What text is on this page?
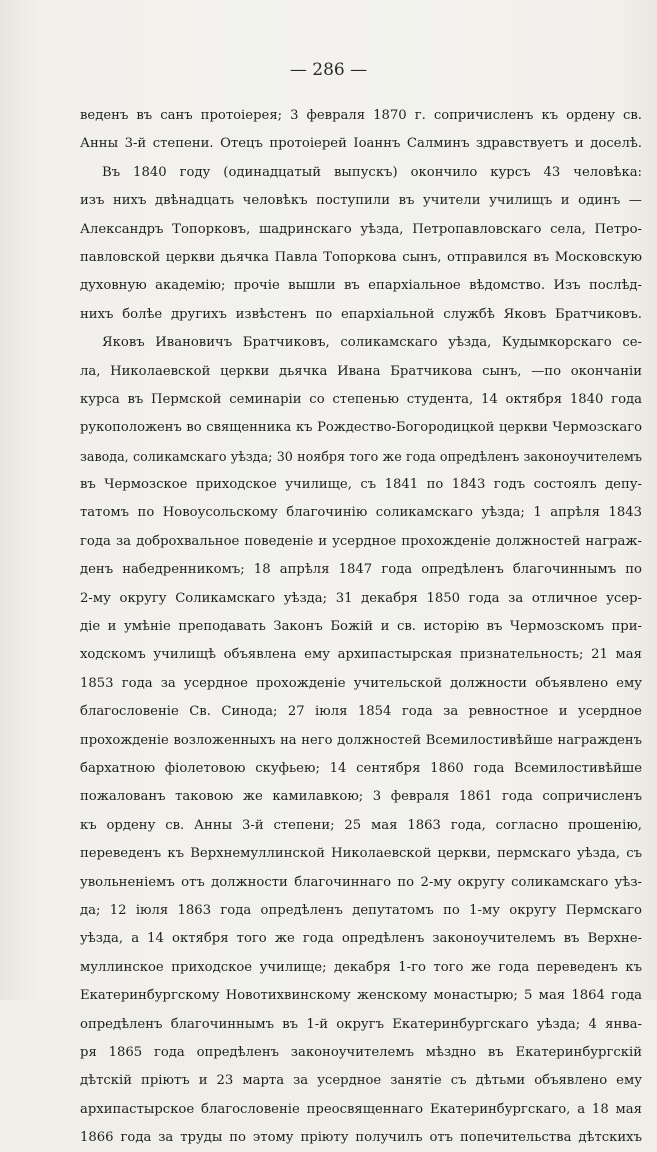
— 286 —
веденъ въ санъ протоіерея; 3 февраля 1870 г. сопричисленъ къ ордену св.
Анны 3-й степени. Отецъ протоіерей Іоаннъ Салминъ здравствуетъ и доселѣ.
Въ 1840 году (одинадцатый выпускъ) окончило курсъ 43 человѣка:
изъ нихъ двѣнадцать человѣкъ поступили въ учители училищъ и одинъ —
Александръ Топорковъ, шадринскаго уѣзда, Петропавловскаго села, Петро-
павловской церкви дьячка Павла Топоркова сынъ, отправился въ Московскую
духовную академію; прочіе вышли въ епархіальное вѣдомство. Изъ послѣд-
нихъ болѣе другихъ извѣстенъ по епархіальной службѣ Яковъ Братчиковъ.
Яковъ Ивановичъ Братчиковъ, соликамскаго уѣзда, Кудымкорскаго се-
ла, Николаевской церкви дьячка Ивана Братчикова сынъ, —по окончаніи
курса въ Пермской семинаріи со степенью студента, 14 октября 1840 года
рукоположенъ во священника къ Рождество-Богородицкой церкви Чермозскаго
завода, соликамскаго уѣзда; 30 ноября того же года опредѣленъ законоучителемъ
въ Чермозское приходское училище, съ 1841 по 1843 годъ состоялъ депу-
татомъ по Новоусольскому благочинію соликамскаго уѣзда; 1 апрѣля 1843
года за доброхвальное поведеніе и усердное прохожденіе должностей награж-
денъ набедренникомъ; 18 апрѣля 1847 года опредѣленъ благочиннымъ по
2-му округу Соликамскаго уѣзда; 31 декабря 1850 года за отличное усер-
діе и умѣніе преподавать Законъ Божій и св. исторію въ Чермозскомъ при-
ходскомъ училищѣ объявлена ему архипастырская признательность; 21 мая
1853 года за усердное прохожденіе учительской должности объявлено ему
благословеніе Св. Синода; 27 іюля 1854 года за ревностное и усердное
прохожденіе возложенныхъ на него должностей Всемилостивѣйше награжденъ
бархатною фіолетовою скуфьею; 14 сентября 1860 года Всемилостивѣйше
пожалованъ таковою же камилавкою; 3 февраля 1861 года сопричисленъ
къ ордену св. Анны 3-й степени; 25 мая 1863 года, согласно прошенію,
переведенъ къ Верхнемуллинской Николаевской церкви, пермскаго уѣзда, съ
увольненіемъ отъ должности благочиннаго по 2-му округу соликамскаго уѣз-
да; 12 іюля 1863 года опредѣленъ депутатомъ по 1-му округу Пермскаго
уѣзда, а 14 октября того же года опредѣленъ законоучителемъ въ Верхне-
муллинское приходское училище; декабря 1-го того же года переведенъ къ
Екатеринбургскому Новотихвинскому женскому монастырю; 5 мая 1864 года
опредѣленъ благочиннымъ въ 1-й округъ Екатеринбургскаго уѣзда; 4 янва-
ря 1865 года опредѣленъ законоучителемъ мѣздно въ Екатеринбургскій
дѣтскій пріютъ и 23 марта за усердное занятіе съ дѣтьми объявлено ему
архипастырское благословеніе преосвященнаго Екатеринбургскаго, а 18 мая
1866 года за труды по этому пріюту получилъ отъ попечительства дѣтскихъ
